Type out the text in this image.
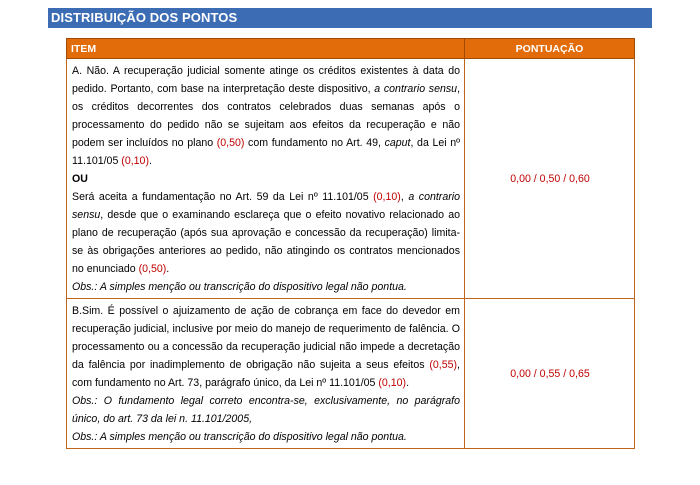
DISTRIBUIÇÃO DOS PONTOS
ITEM	PONTUAÇÃO

A. Não. A recuperação judicial somente atinge os créditos existentes à data do pedido. Portanto, com base na interpretação deste dispositivo, a contrario sensu, os créditos decorrentes dos contratos celebrados duas semanas após o processamento do pedido não se sujeitam aos efeitos da recuperação e não podem ser incluídos no plano (0,50) com fundamento no Art. 49, caput, da Lei nº 11.101/05 (0,10).

OU

Será aceita a fundamentação no Art. 59 da Lei nº 11.101/05 (0,10), a contrario sensu, desde que o examinando esclareça que o efeito novativo relacionado ao plano de recuperação (após sua aprovação e concessão da recuperação) limita-se às obrigações anteriores ao pedido, não atingindo os contratos mencionados no enunciado (0,50).

Obs.: A simples menção ou transcrição do dispositivo legal não pontua.	0,00 / 0,50 / 0,60

B.Sim. É possível o ajuizamento de ação de cobrança em face do devedor em recuperação judicial, inclusive por meio do manejo de requerimento de falência. O processamento ou a concessão da recuperação judicial não impede a decretação da falência por inadimplemento de obrigação não sujeita a seus efeitos (0,55), com fundamento no Art. 73, parágrafo único, da Lei nº 11.101/05 (0,10).

Obs.: O fundamento legal correto encontra-se, exclusivamente, no parágrafo único, do art. 73 da lei n. 11.101/2005,

Obs.: A simples menção ou transcrição do dispositivo legal não pontua.	0,00 / 0,55 / 0,65
